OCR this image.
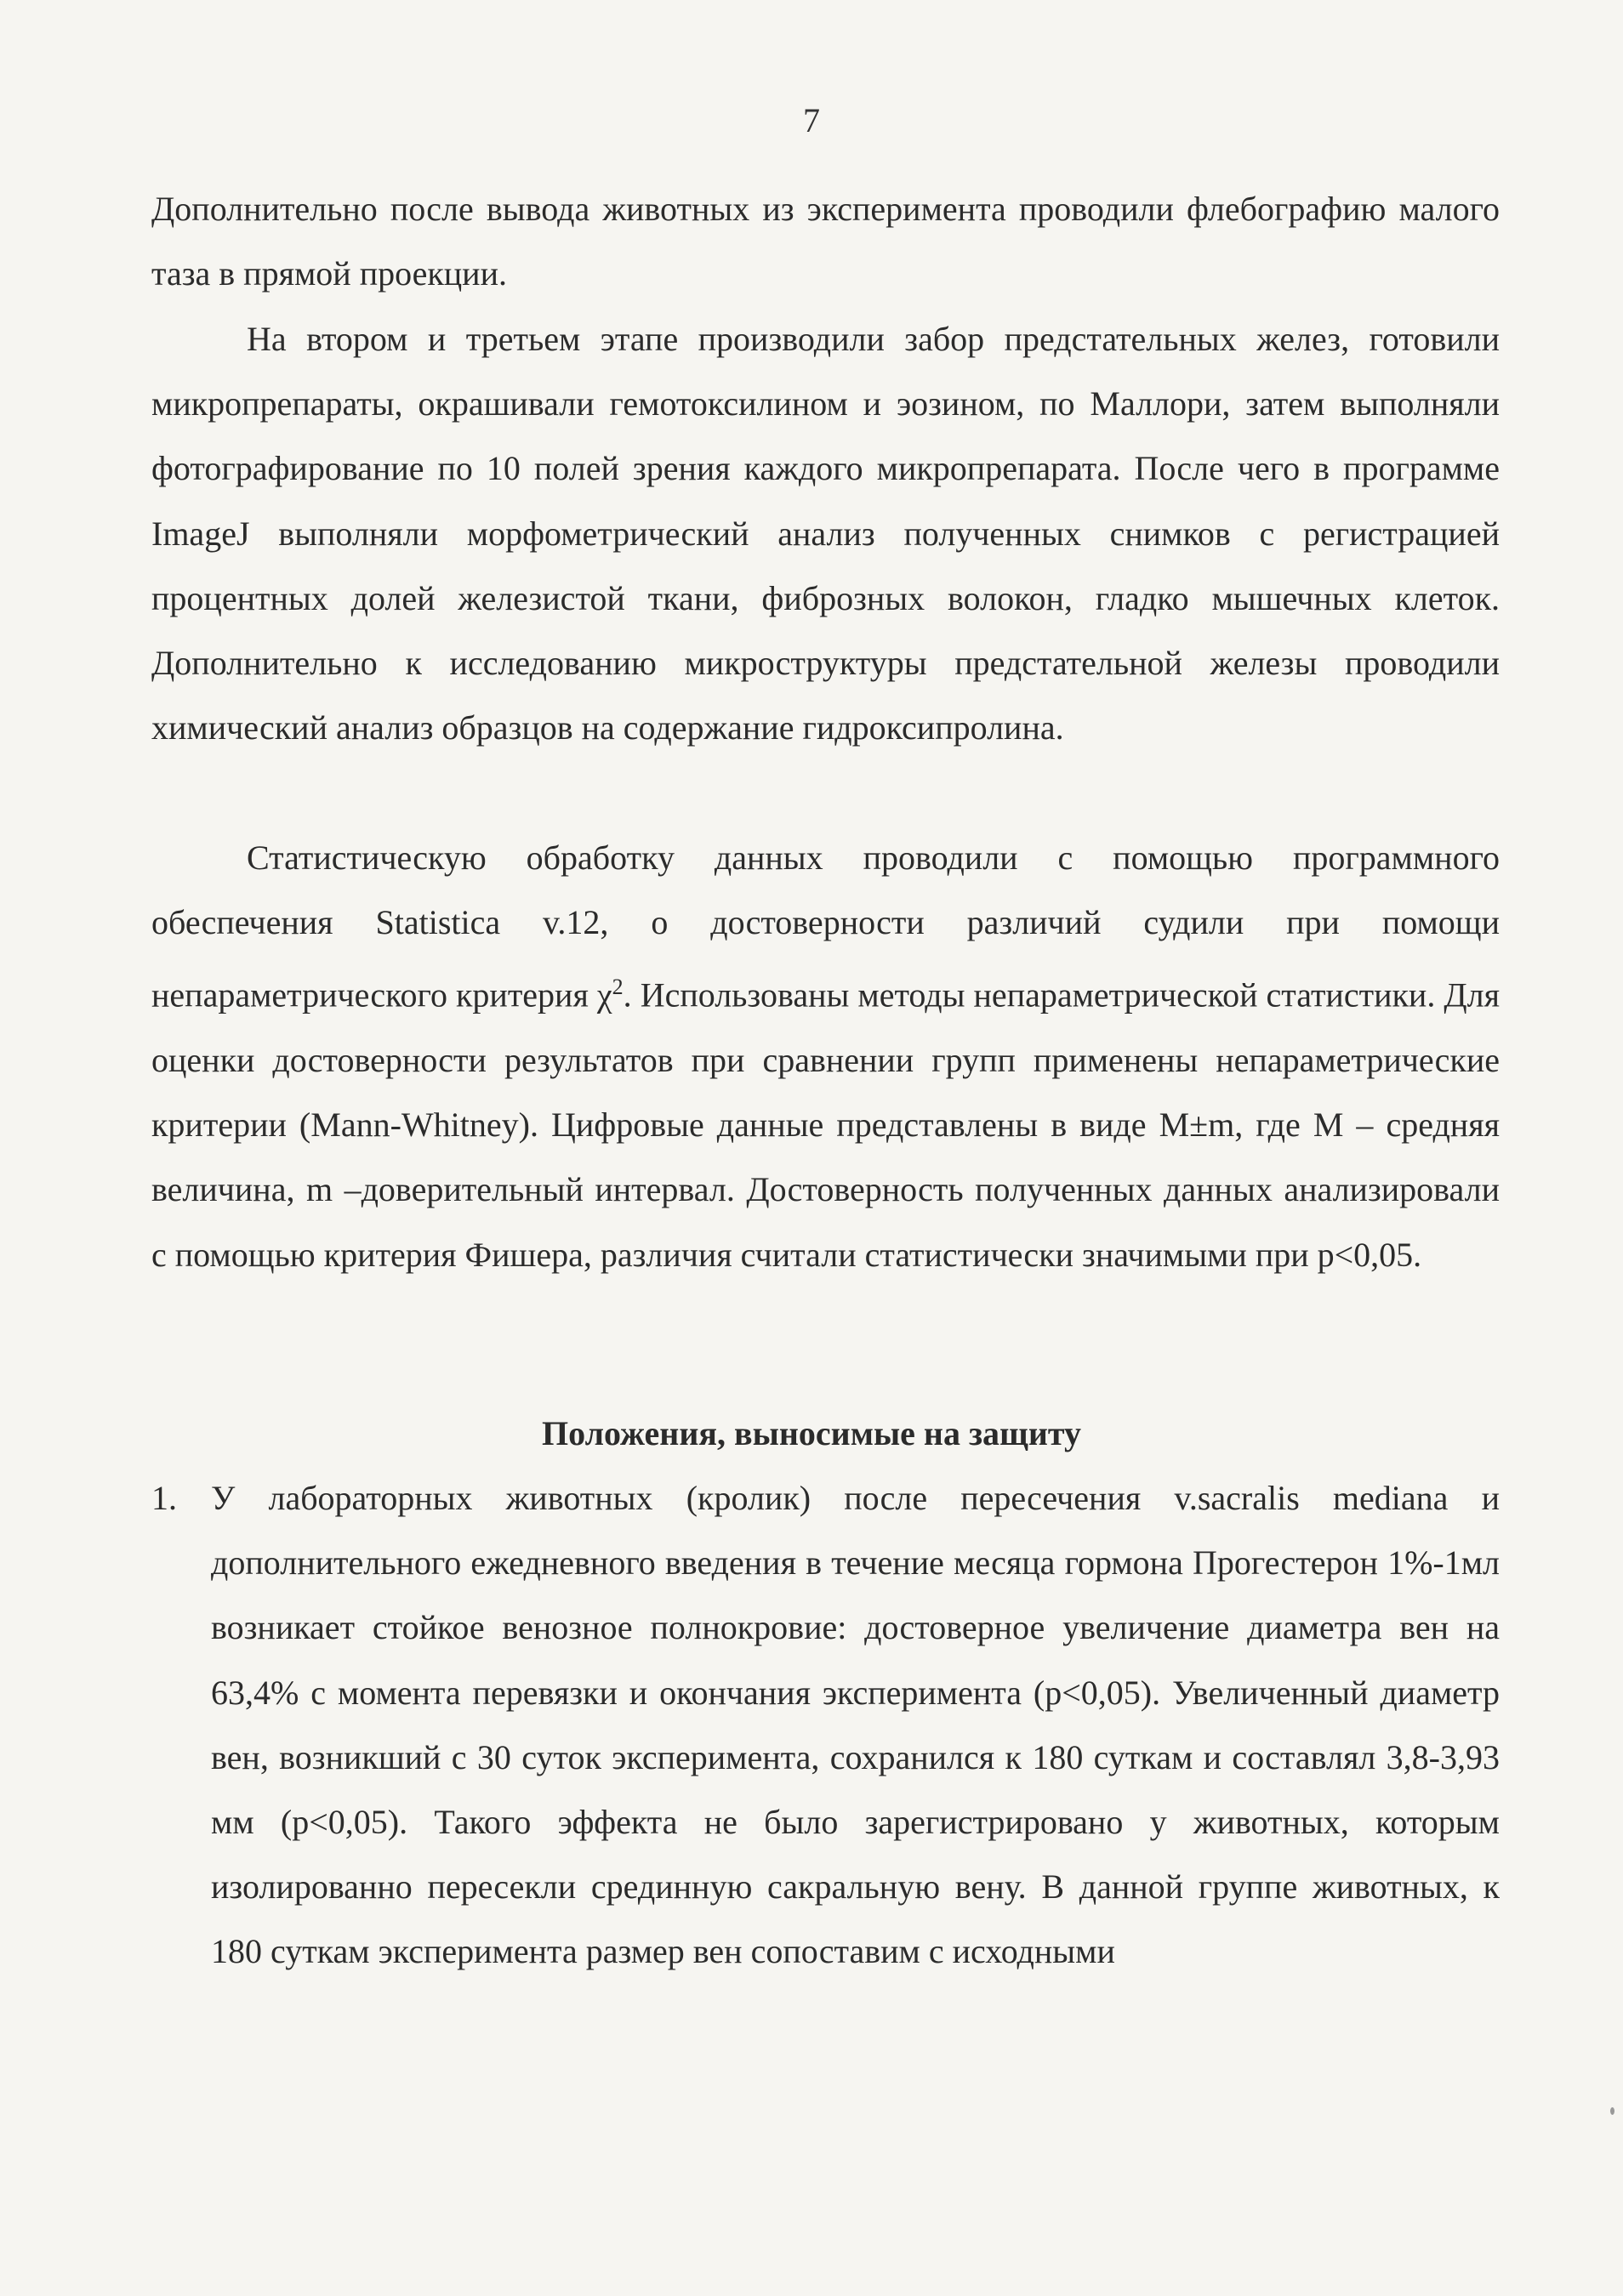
7

Дополнительно после вывода животных из эксперимента проводили флебографию малого таза в прямой проекции.

На втором и третьем этапе производили забор предстательных желез, готовили микропрепараты, окрашивали гемотоксилином и эозином, по Маллори, затем выполняли фотографирование по 10 полей зрения каждого микропрепарата. После чего в программе ImageJ выполняли морфометрический анализ полученных снимков с регистрацией процентных долей железистой ткани, фиброзных волокон, гладко мышечных клеток. Дополнительно к исследованию микроструктуры предстательной железы проводили химический анализ образцов на содержание гидроксипролина.

Статистическую обработку данных проводили с помощью программного обеспечения Statistica v.12, о достоверности различий судили при помощи непараметрического критерия $\chi^2$. Использованы методы непараметрической статистики. Для оценки достоверности результатов при сравнении групп применены непараметрические критерии (Mann-Whitney). Цифровые данные представлены в виде M±m, где M – средняя величина, m –доверительный интервал. Достоверность полученных данных анализировали с помощью критерия Фишера, различия считали статистически значимыми при p<0,05.

Положения, выносимые на защиту
1.	У лабораторных животных (кролик) после пересечения v.sacralis mediana и дополнительного ежедневного введения в течение месяца гормона Прогестерон 1%-1мл возникает стойкое венозное полнокровие: достоверное увеличение диаметра вен на 63,4% с момента перевязки и окончания эксперимента (p<0,05). Увеличенный диаметр вен, возникший с 30 суток эксперимента, сохранился к 180 суткам и составлял 3,8-3,93 мм (p<0,05). Такого эффекта не было зарегистрировано у животных, которым изолированно пересекли срединную сакральную вену. В данной группе животных, к 180 суткам эксперимента размер вен сопоставим с исходными
